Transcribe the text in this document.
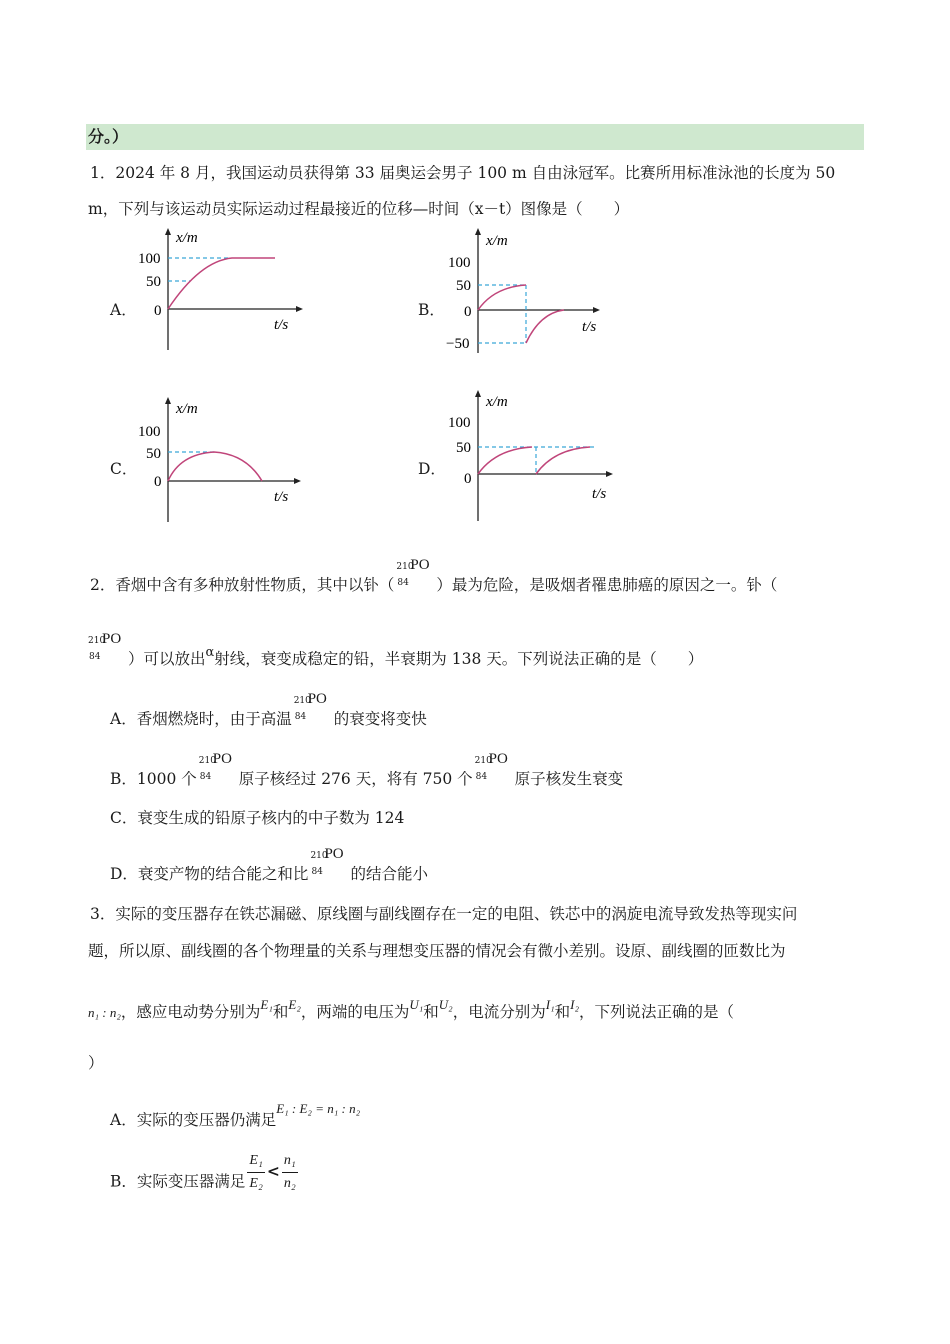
分。）
1．2024 年 8 月，我国运动员获得第 33 届奥运会男子 100 m 自由泳冠军。比赛所用标准泳池的长度为 50
m，下列与该运动员实际运动过程最接近的位移—时间（x－t）图像是（　　）
A．	B．
C．	D．
x/m
100
50
0
t/s
x/m
100
50
0
−50
t/s
x/m
100
50
0
t/s
x/m
100
50
0
t/s
2．香烟中含有多种放射性物质，其中以钋（
210
84
PO
）最为危险，是吸烟者罹患肺癌的原因之一。钋（
210
84
PO
）可以放出$^\alpha$射线，衰变成稳定的铅，半衰期为 138 天。下列说法正确的是（　　）
A．香烟燃烧时，由于高温
210
84
PO
的衰变将变快
B．1000 个
210
84
PO
原子核经过 276 天，将有 750 个
210
84
PO
原子核发生衰变
C．衰变生成的铅原子核内的中子数为 124
D．衰变产物的结合能之和比
210
84
PO
的结合能小
3．实际的变压器存在铁芯漏磁、原线圈与副线圈存在一定的电阻、铁芯中的涡旋电流导致发热等现实问
题，所以原、副线圈的各个物理量的关系与理想变压器的情况会有微小差别。设原、副线圈的匝数比为
n₁ : n₂，感应电动势分别为$^{E_1}$和$^{E_2}$，两端的电压为$^{U_1}$和$^{U_2}$，电流分别为$^{I_1}$和$^{I_2}$，下列说法正确的是（
）
A．实际的变压器仍满足$^{E_1 : E_2 = n_1 : n_2}$
B．实际变压器满足 $\frac{\text{E₁}}{\text{E₂}} < \frac{\text{n₁}}{\text{n₂}}$
